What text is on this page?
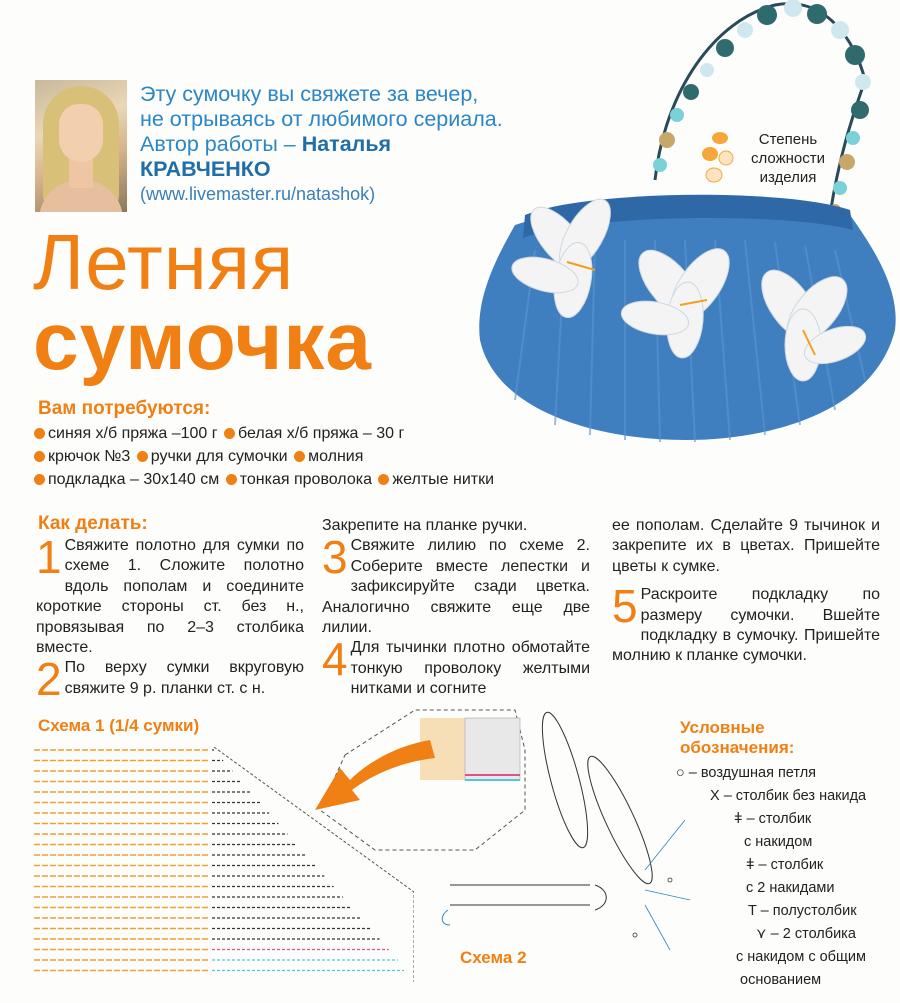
Эту сумочку вы свяжете за вечер,
не отрываясь от любимого сериала.
Автор работы – Наталья
КРАВЧЕНКО
(www.livemaster.ru/natashok)
Летняя
сумочка
Степень
сложности
изделия
Вам потребуются:
синяя х/б пряжа –100 г белая х/б пряжа – 30 г
крючок №3 ручки для сумочки молния
подкладка – 30х140 см тонкая проволока желтые нитки
Как делать:
1 Свяжите полотно для сумки по схеме 1. Сложите полотно вдоль пополам и соедините короткие стороны ст. без н., провязывая по 2–3 столбика вместе.
2 По верху сумки вкруговую свяжите 9 р. планки ст. с н.
Закрепите на планке ручки.
3 Свяжите лилию по схеме 2. Соберите вместе лепестки и зафиксируйте сзади цветка. Аналогично свяжите еще две лилии.
4 Для тычинки плотно обмотайте тонкую проволоку желтыми нитками и согните
ее пополам. Сделайте 9 тычинок и закрепите их в цветах. Пришейте цветы к сумке.
5 Раскроите подкладку по размеру сумочки. Вшейте подкладку в сумочку. Пришейте молнию к планке сумочки.
Схема 1 (1/4 сумки)
Схема 2
Условные
обозначения:
○ – воздушная петля
X – столбик без накида
ǂ – столбик
с накидом
ǂ – столбик
с 2 накидами
T – полустолбик
⋎ – 2 столбика
с накидом с общим
основанием
